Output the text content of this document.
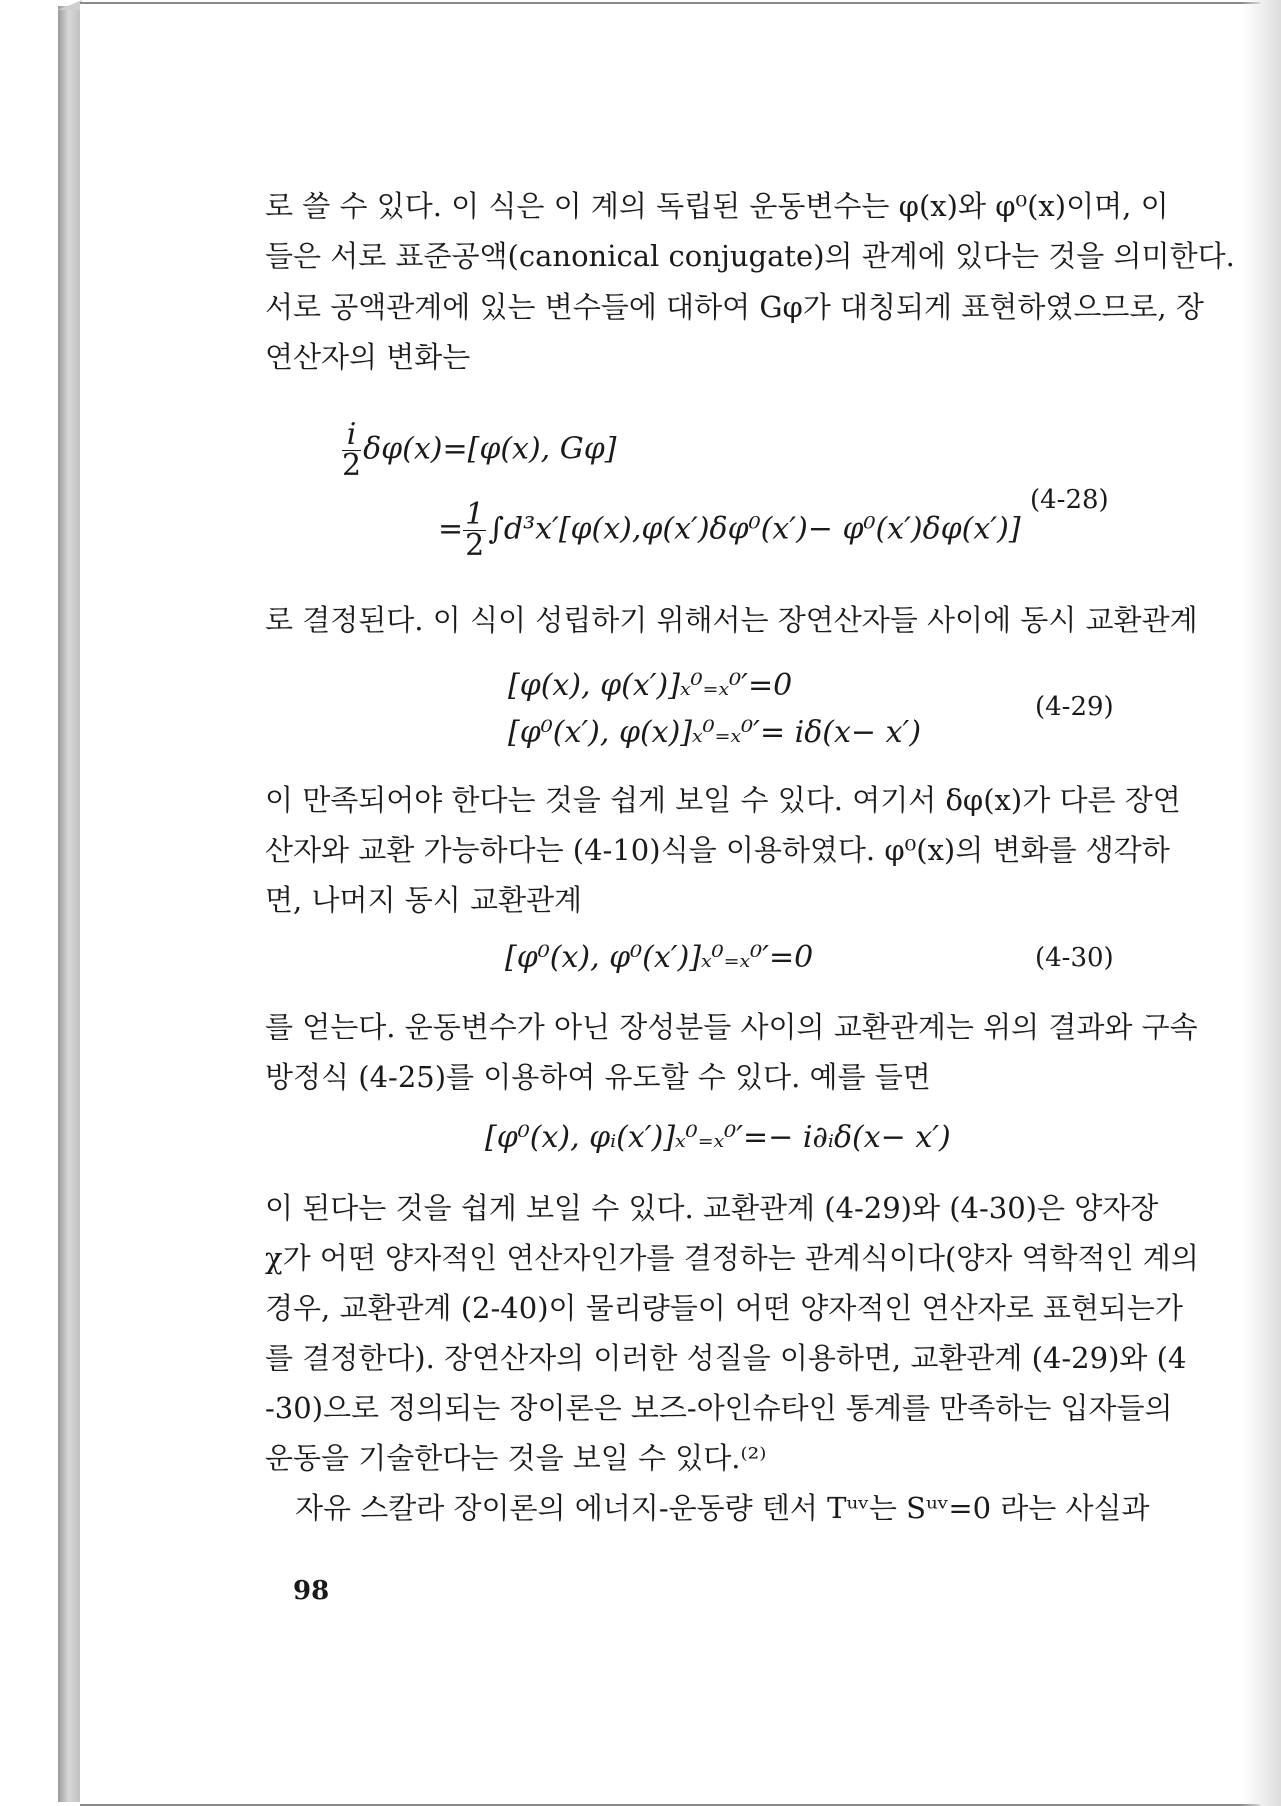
로 쓸 수 있다. 이 식은 이 계의 독립된 운동변수는 φ(x)와 φ⁰(x)이며, 이
들은 서로 표준공액(canonical conjugate)의 관계에 있다는 것을 의미한다.
서로 공액관계에 있는 변수들에 대하여 Gφ가 대칭되게 표현하였으므로, 장
연산자의 변화는
$\frac{i}{2} \delta\varphi(x)=[\varphi(x)$, Gφ]
= $\frac{1}{2} \int d^3x'[\varphi(x),\varphi(x')\delta\varphi^0(x')- \varphi^0(x')\delta\varphi(x')]$
(4-28)
로 결정된다. 이 식이 성립하기 위해서는 장연산자들 사이에 동시 교환관계
[φ(x), φ(x′)]ₓ⁰₌ₓ⁰′=0
[φ⁰(x′), φ(x)]ₓ⁰₌ₓ⁰′= iδ(x− x′)
(4-29)
이 만족되어야 한다는 것을 쉽게 보일 수 있다. 여기서 δφ(x)가 다른 장연
산자와 교환 가능하다는 (4-10)식을 이용하였다. φ⁰(x)의 변화를 생각하
면, 나머지 동시 교환관계
[φ⁰(x), φ⁰(x′)]ₓ⁰₌ₓ⁰′=0	(4-30)
를 얻는다. 운동변수가 아닌 장성분들 사이의 교환관계는 위의 결과와 구속
방정식 (4-25)를 이용하여 유도할 수 있다. 예를 들면
[φ⁰(x), φᵢ(x′)]ₓ⁰₌ₓ⁰′=− i∂ᵢδ(x− x′)
이 된다는 것을 쉽게 보일 수 있다. 교환관계 (4-29)와 (4-30)은 양자장
χ가 어떤 양자적인 연산자인가를 결정하는 관계식이다(양자 역학적인 계의
경우, 교환관계 (2-40)이 물리량들이 어떤 양자적인 연산자로 표현되는가
를 결정한다). 장연산자의 이러한 성질을 이용하면, 교환관계 (4-29)와 (4
-30)으로 정의되는 장이론은 보즈-아인슈타인 통계를 만족하는 입자들의
운동을 기술한다는 것을 보일 수 있다.⁽²⁾
자유 스칼라 장이론의 에너지-운동량 텐서 Tᵘᵛ는 Sᵘᵛ=0 라는 사실과
98
